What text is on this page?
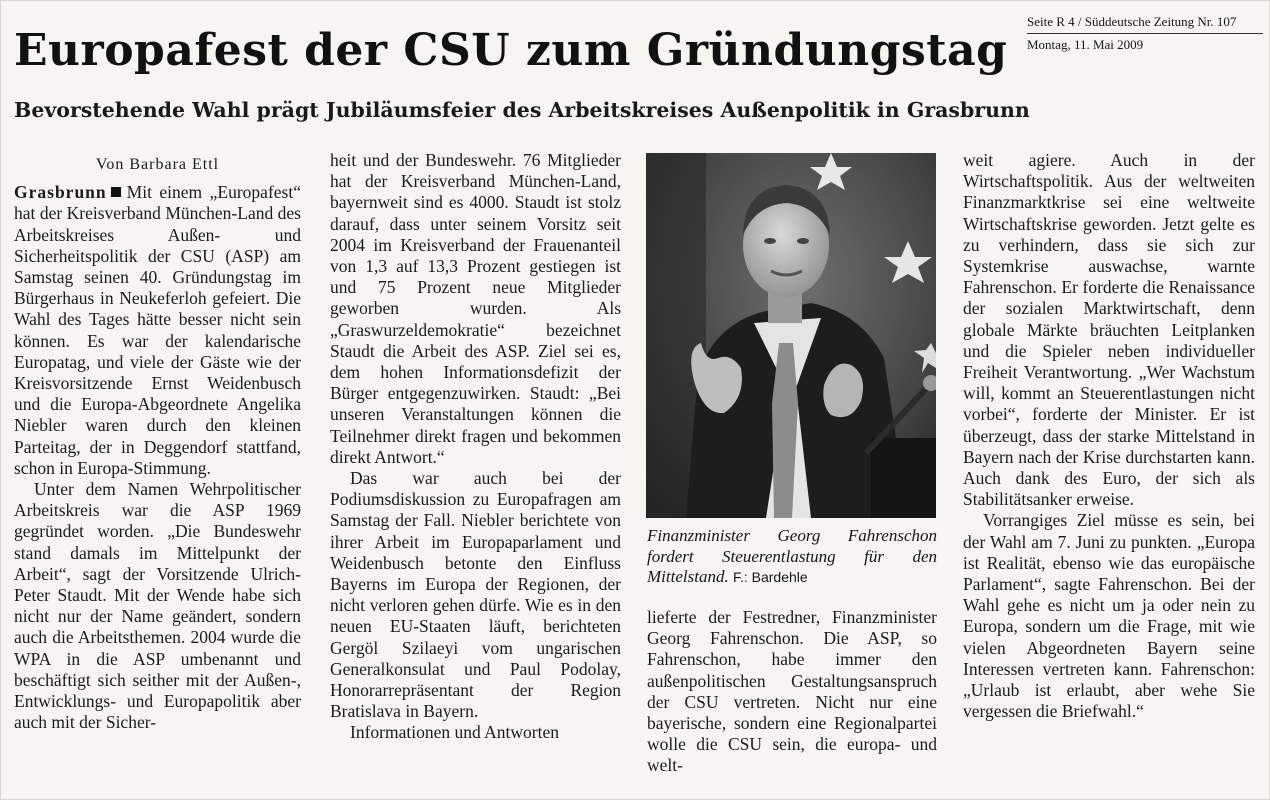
Seite R 4 / Süddeutsche Zeitung Nr. 107
Montag, 11. Mai 2009
Europafest der CSU zum Gründungstag
Bevorstehende Wahl prägt Jubiläumsfeier des Arbeitskreises Außenpolitik in Grasbrunn

Von Barbara Ettl

Grasbrunn Mit einem „Europafest“ hat der Kreisverband München-Land des Arbeitskreises Außen- und Sicherheitspolitik der CSU (ASP) am Samstag seinen 40. Gründungstag im Bürgerhaus in Neukeferloh gefeiert. Die Wahl des Tages hätte besser nicht sein können. Es war der kalendarische Europatag, und viele der Gäste wie der Kreisvorsitzende Ernst Weidenbusch und die Europa-Abgeordnete Angelika Niebler waren durch den kleinen Parteitag, der in Deggendorf stattfand, schon in Europa-Stimmung.

Unter dem Namen Wehrpolitischer Arbeitskreis war die ASP 1969 gegründet worden. „Die Bundeswehr stand damals im Mittelpunkt der Arbeit“, sagt der Vorsitzende Ulrich-Peter Staudt. Mit der Wende habe sich nicht nur der Name geändert, sondern auch die Arbeitsthemen. 2004 wurde die WPA in die ASP umbenannt und beschäftigt sich seither mit der Außen-, Entwicklungs- und Europapolitik aber auch mit der Sicher-

heit und der Bundeswehr. 76 Mitglieder hat der Kreisverband München-Land, bayernweit sind es 4000. Staudt ist stolz darauf, dass unter seinem Vorsitz seit 2004 im Kreisverband der Frauenanteil von 1,3 auf 13,3 Prozent gestiegen ist und 75 Prozent neue Mitglieder geworben wurden. Als „Graswurzeldemokratie“ bezeichnet Staudt die Arbeit des ASP. Ziel sei es, dem hohen Informationsdefizit der Bürger entgegenzuwirken. Staudt: „Bei unseren Veranstaltungen können die Teilnehmer direkt fragen und bekommen direkt Antwort.“

Das war auch bei der Podiumsdiskussion zu Europafragen am Samstag der Fall. Niebler berichtete von ihrer Arbeit im Europaparlament und Weidenbusch betonte den Einfluss Bayerns im Europa der Regionen, der nicht verloren gehen dürfe. Wie es in den neuen EU-Staaten läuft, berichteten Gergöl Szilaeyi vom ungarischen Generalkonsulat und Paul Podolay, Honorarrepräsentant der Region Bratislava in Bayern.

Informationen und Antworten

Finanzminister Georg Fahrenschon fordert Steuerentlastung für den Mittelstand. F.: Bardehle

lieferte der Festredner, Finanzminister Georg Fahrenschon. Die ASP, so Fahrenschon, habe immer den außenpolitischen Gestaltungsanspruch der CSU vertreten. Nicht nur eine bayerische, sondern eine Regionalpartei wolle die CSU sein, die europa- und welt-

weit agiere. Auch in der Wirtschaftspolitik. Aus der weltweiten Finanzmarktkrise sei eine weltweite Wirtschaftskrise geworden. Jetzt gelte es zu verhindern, dass sie sich zur Systemkrise auswachse, warnte Fahrenschon. Er forderte die Renaissance der sozialen Marktwirtschaft, denn globale Märkte bräuchten Leitplanken und die Spieler neben individueller Freiheit Verantwortung. „Wer Wachstum will, kommt an Steuerentlastungen nicht vorbei“, forderte der Minister. Er ist überzeugt, dass der starke Mittelstand in Bayern nach der Krise durchstarten kann. Auch dank des Euro, der sich als Stabilitätsanker erweise.

Vorrangiges Ziel müsse es sein, bei der Wahl am 7. Juni zu punkten. „Europa ist Realität, ebenso wie das europäische Parlament“, sagte Fahrenschon. Bei der Wahl gehe es nicht um ja oder nein zu Europa, sondern um die Frage, mit wie vielen Abgeordneten Bayern seine Interessen vertreten kann. Fahrenschon: „Urlaub ist erlaubt, aber wehe Sie vergessen die Briefwahl.“
